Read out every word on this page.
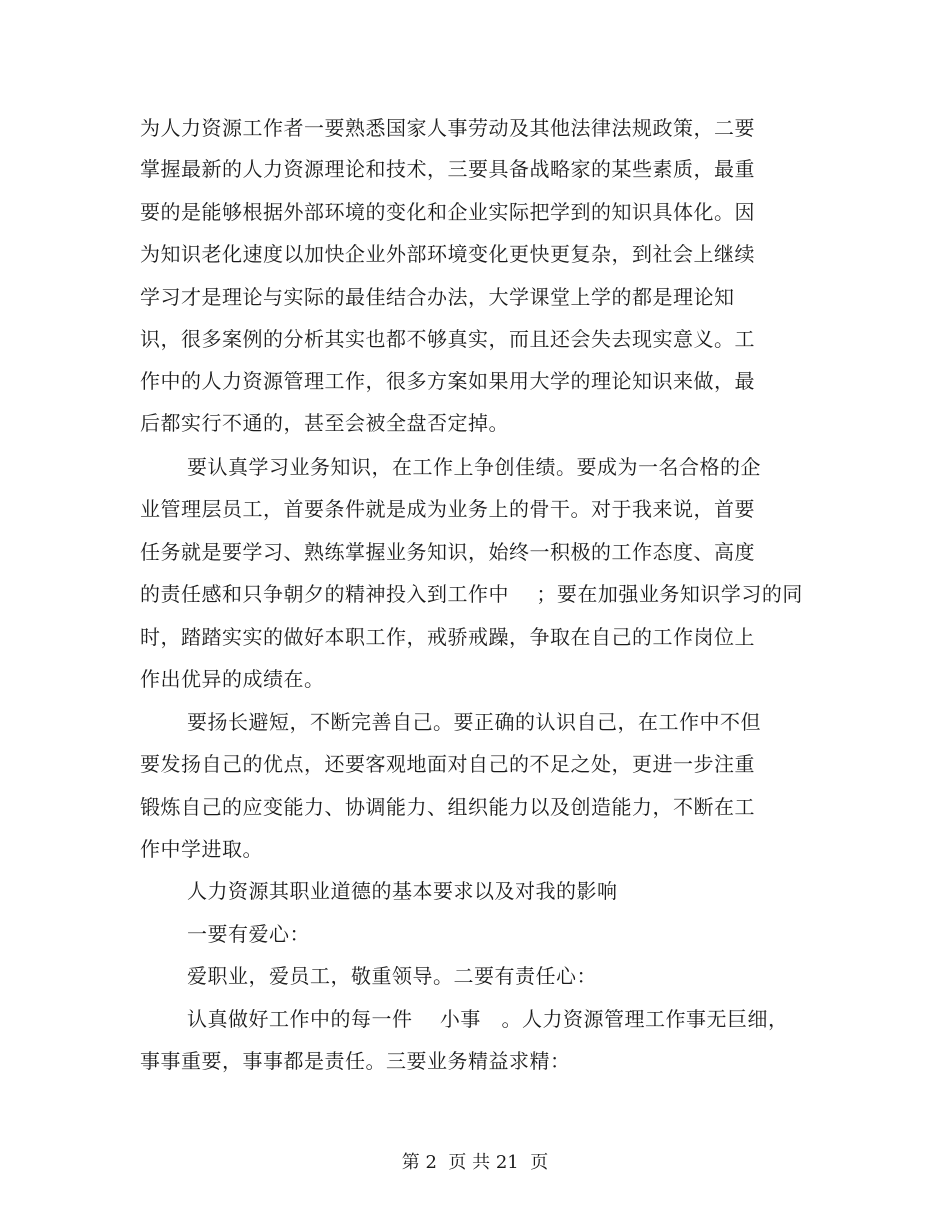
为人力资源工作者一要熟悉国家人事劳动及其他法律法规政策，二要
掌握最新的人力资源理论和技术，三要具备战略家的某些素质，最重
要的是能够根据外部环境的变化和企业实际把学到的知识具体化。因
为知识老化速度以加快企业外部环境变化更快更复杂，到社会上继续
学习才是理论与实际的最佳结合办法，大学课堂上学的都是理论知
识，很多案例的分析其实也都不够真实，而且还会失去现实意义。工
作中的人力资源管理工作，很多方案如果用大学的理论知识来做，最
后都实行不通的，甚至会被全盘否定掉。
要认真学习业务知识，在工作上争创佳绩。要成为一名合格的企
业管理层员工，首要条件就是成为业务上的骨干。对于我来说，首要
任务就是要学习、熟练掌握业务知识，始终一积极的工作态度、高度
的责任感和只争朝夕的精神投入到工作中    ；要在加强业务知识学习的同
时，踏踏实实的做好本职工作，戒骄戒躁，争取在自己的工作岗位上
作出优异的成绩在。
要扬长避短，不断完善自己。要正确的认识自己，在工作中不但
要发扬自己的优点，还要客观地面对自己的不足之处，更进一步注重
锻炼自己的应变能力、协调能力、组织能力以及创造能力，不断在工
作中学进取。
人力资源其职业道德的基本要求以及对我的影响
一要有爱心：
爱职业，爱员工，敬重领导。二要有责任心：
认真做好工作中的每一件    小事   。人力资源管理工作事无巨细，
事事重要，事事都是责任。三要业务精益求精：
第 2  页 共 21  页
